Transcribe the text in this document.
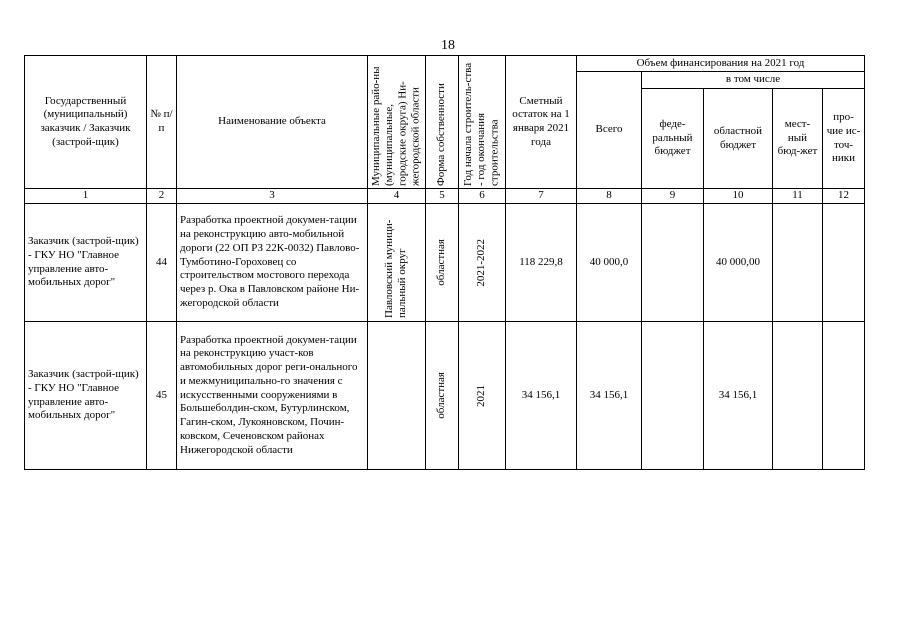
18
Государственный (муниципальный) заказчик / Заказчик (застрой-щик)	№ п/п	Наименование объекта	Муниципальные райо-ны (муниципальные, городские округа) Ни-жегородской области	Форма собственности	Год начала строитель-ства - год окончания строительства	Сметный остаток на 1 января 2021 года	Объем финансирования на 2021 год				
							Всего	в том числе			
								феде-ральный бюджет	областной бюджет	мест-ный бюд-жет	про-чие ис-точ-ники
1	2	3	4	5	6	7	8	9	10	11	12
Заказчик (застрой-щик) - ГКУ НО "Главное управление авто-мобильных дорог"	44	Разработка проектной докумен-тации на реконструкцию авто-мобильной дороги (22 ОП РЗ 22К-0032) Павлово-Тумботино-Гороховец со строительством мостового перехода через р. Ока в Павловском районе Ни-жегородской области	Павловский муници-пальный округ	областная	2021-2022	118 229,8	40 000,0		40 000,00		
Заказчик (застрой-щик) - ГКУ НО "Главное управление авто-мобильных дорог"	45	Разработка проектной докумен-тации на реконструкцию участ-ков автомобильных дорог реги-онального и межмуниципально-го значения с искусственными сооружениями в Большеболдин-ском, Бутурлинском, Гагин-ском, Лукояновском, Почин-ковском, Сеченовском районах Нижегородской области		областная	2021	34 156,1	34 156,1		34 156,1		
